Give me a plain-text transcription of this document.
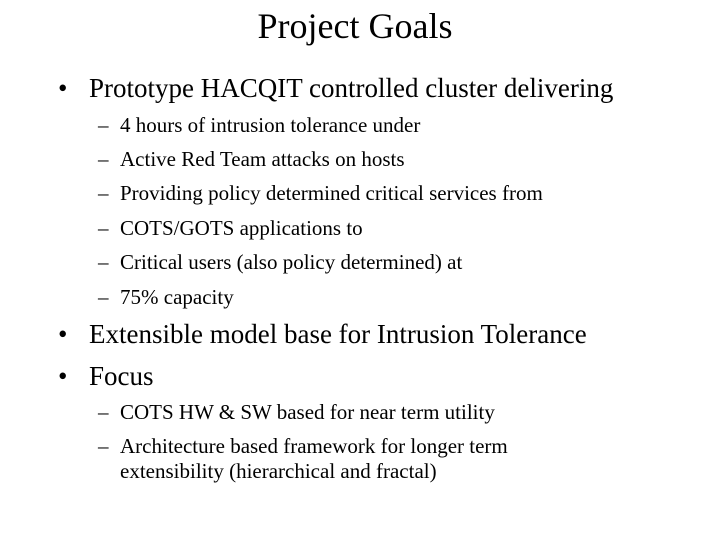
Project Goals
• Prototype HACQIT controlled cluster delivering
– 4 hours of intrusion tolerance under
– Active Red Team attacks on hosts
– Providing policy determined critical services from
– COTS/GOTS applications to
– Critical users (also policy determined) at
– 75% capacity
• Extensible model base for Intrusion Tolerance
• Focus
– COTS HW & SW based for near term utility
– Architecture based framework for longer term
extensibility (hierarchical and fractal)
